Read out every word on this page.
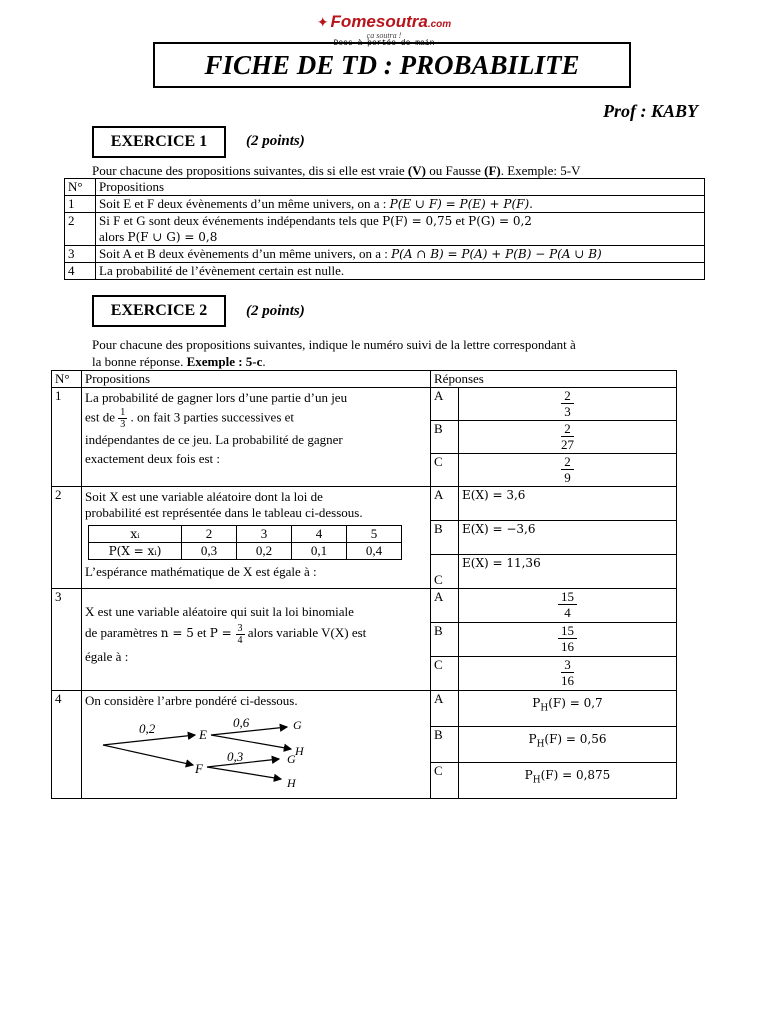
✦ Fomesoutra.com
ça soutra !
Docs à portée de main
FICHE DE TD : PROBABILITE
Prof : KABY
EXERCICE 1	(2 points)
Pour chacune des propositions suivantes, dis si elle est vraie (V) ou Fausse (F). Exemple: 5-V
N°	Propositions
1	Soit E et F deux évènements d’un même univers, on a : P(E ∪ F) = P(E) + P(F).
2	Si F et G sont deux événements indépendants tels que P(F) = 0,75 et P(G) = 0,2
alors P(F ∪ G) = 0,8
3	Soit A et B deux évènements d’un même univers, on a : P(A ∩ B) = P(A) + P(B) − P(A ∪ B)
4	La probabilité de l’évènement certain est nulle.
EXERCICE 2	(2 points)
Pour chacune des propositions suivantes, indique le numéro suivi de la lettre correspondant à
la bonne réponse. Exemple : 5-c.
N°	Propositions	Réponses
1	La probabilité de gagner lors d’une partie d’un jeu
est de $\frac{1}{3}$ . on fait 3 parties successives et
indépendantes de ce jeu. La probabilité de gagner
exactement deux fois est :
	A	$\frac{2}{3}$

B	$\frac{2}{27}$

C	$\frac{2}{9}$

2	Soit X est une variable aléatoire dont la loi de
probabilité est représentée dans le tableau ci-dessous.
xᵢ	2	3	4	5
P(X = xᵢ)	0,3	0,2	0,1	0,4
L’espérance mathématique de X est égale à :
	A	E(X) = 3,6
B	E(X) = −3,6
C	E(X) = 11,36
3	
X est une variable aléatoire qui suit la loi binomiale
de paramètres n = 5 et $P = \frac{3}{4}$ alors variable V(X) est
égale à :
	A	$\frac{15}{4}$

B	$\frac{15}{16}$

C	$\frac{3}{16}$

4	On considère l’arbre pondéré ci-dessous.
0,2	E
F
0,6
0,3
G
H
G
H
	A	$P_H(F) = 0,7$
B	$P_H(F) = 0,56$
C	$P_H(F) = 0,875$
